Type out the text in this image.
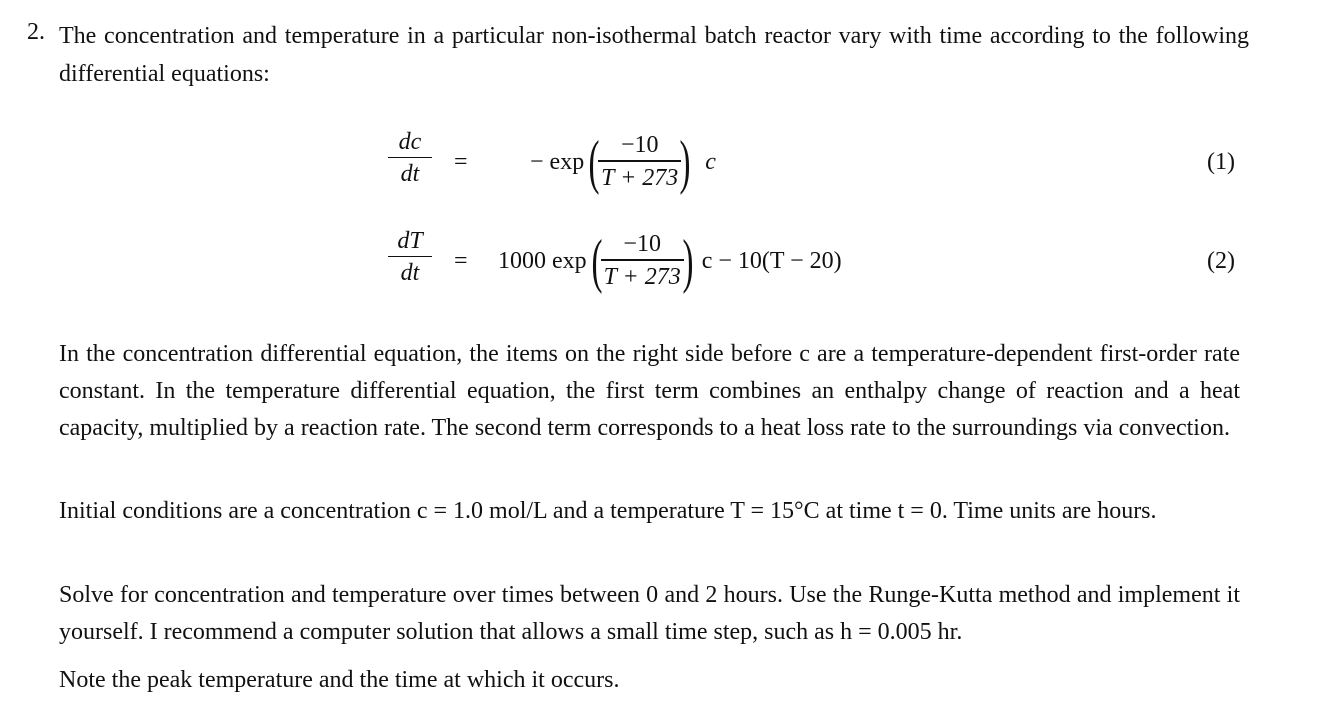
2. The concentration and temperature in a particular non-isothermal batch reactor vary with time according to the following differential equations:
dc
dt =	− exp (
$\frac{-10}{T + 273}$
) c	(1)
dT
dt = 1000 exp (
$\frac{-10}{T + 273}$
) c − 10(T − 20)	(2)
In the concentration differential equation, the items on the right side before c are a temperature-dependent first-order rate constant. In the temperature differential equation, the first term combines an enthalpy change of reaction and a heat capacity, multiplied by a reaction rate. The second term corresponds to a heat loss rate to the surroundings via convection.
Initial conditions are a concentration c = 1.0 mol/L and a temperature T = 15°C at time t = 0. Time units are hours.
Solve for concentration and temperature over times between 0 and 2 hours. Use the Runge-Kutta method and implement it yourself. I recommend a computer solution that allows a small time step, such as h = 0.005 hr.
Note the peak temperature and the time at which it occurs.
